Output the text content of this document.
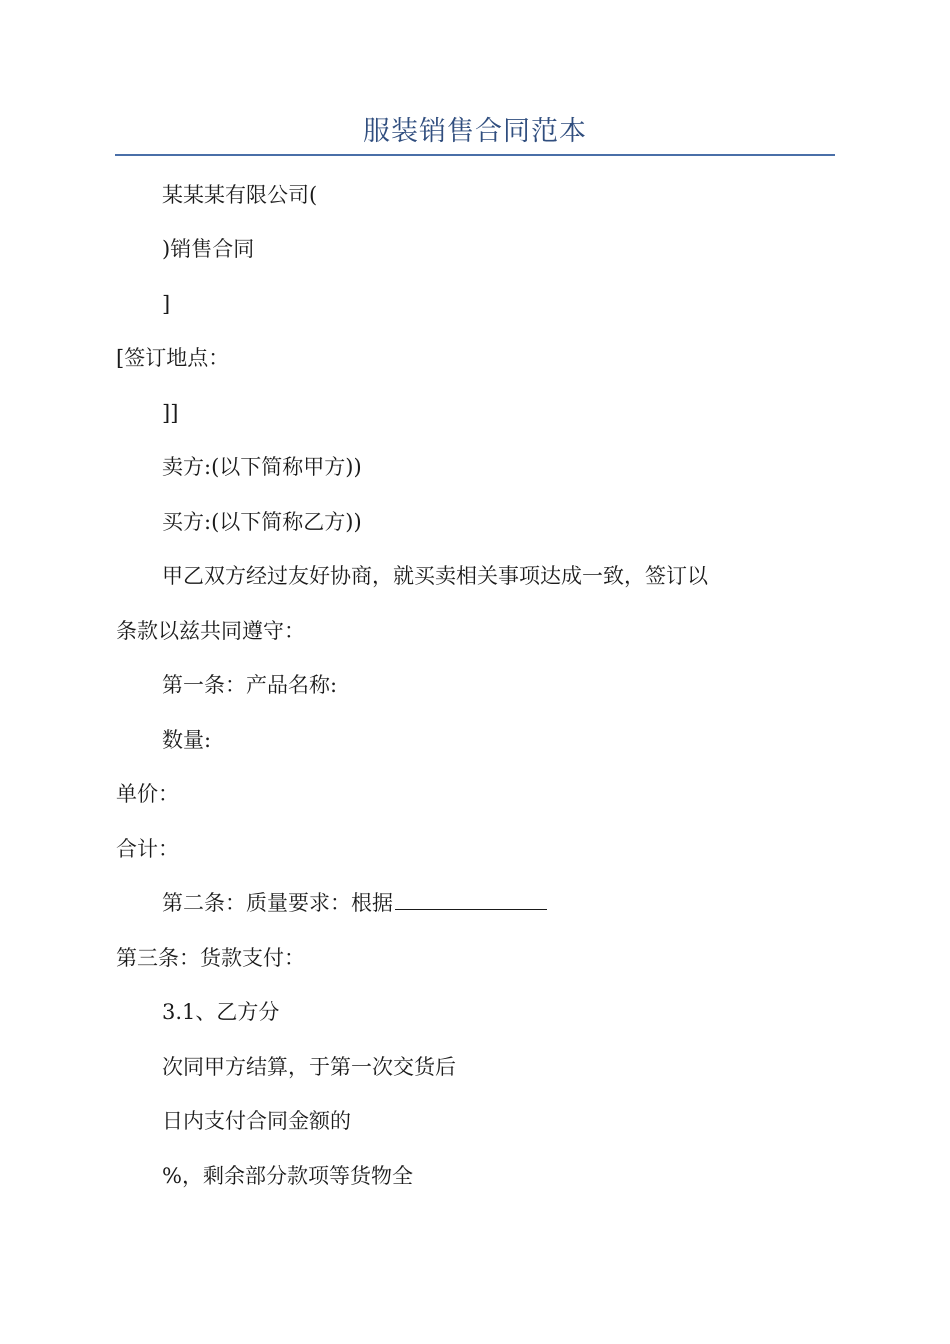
服装销售合同范本
某某某有限公司(
)销售合同
]
[签订地点：
]]
卖方:(以下简称甲方))
买方:(以下简称乙方))
甲乙双方经过友好协商，就买卖相关事项达成一致，签订以
条款以兹共同遵守：
第一条：产品名称:
数量:
单价：
合计：
第二条：质量要求：根据
第三条：货款支付：
3.1、乙方分
次同甲方结算，于第一次交货后
日内支付合同金额的
%，剩余部分款项等货物全
